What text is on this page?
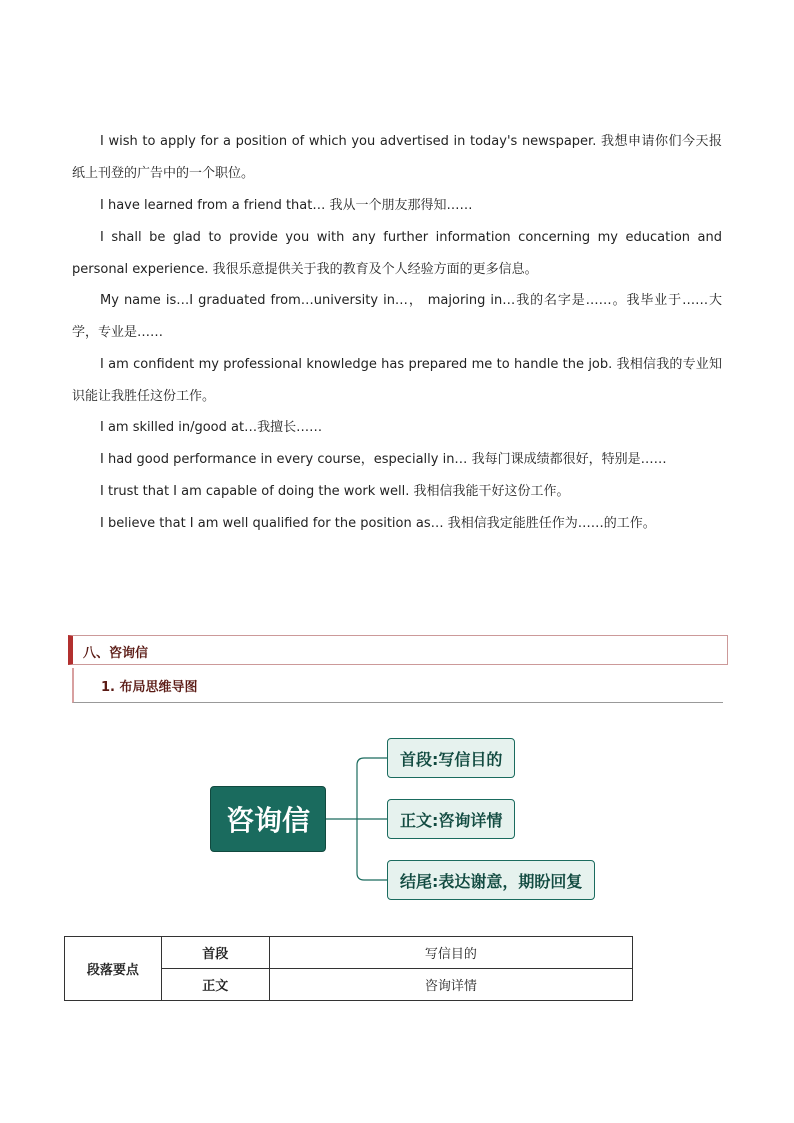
I wish to apply for a position of which you advertised in today's newspaper. 我想申请你们今天报纸上刊登的广告中的一个职位。

I have learned from a friend that… 我从一个朋友那得知……

I shall be glad to provide you with any further information concerning my education and personal experience. 我很乐意提供关于我的教育及个人经验方面的更多信息。

My name is…I graduated from…university in…， majoring in…我的名字是……。我毕业于……大学，专业是……

I am confident my professional knowledge has prepared me to handle the job. 我相信我的专业知识能让我胜任这份工作。

I am skilled in/good at…我擅长……

I had good performance in every course，especially in… 我每门课成绩都很好，特别是……

I trust that I am capable of doing the work well. 我相信我能干好这份工作。

I believe that I am well qualified for the position as… 我相信我定能胜任作为……的工作。

八、咨询信
1. 布局思维导图
咨询信
首段:写信目的
正文:咨询详情
结尾:表达谢意，期盼回复
段落要点	首段	写信目的
	正文	咨询详情
